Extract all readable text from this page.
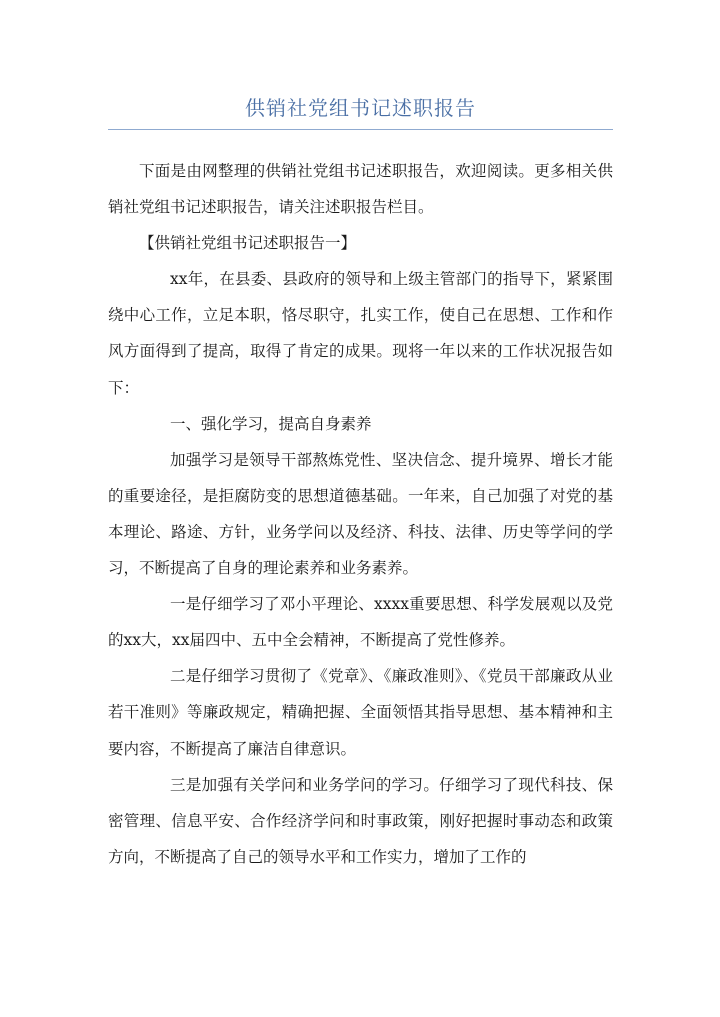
供销社党组书记述职报告

下面是由网整理的供销社党组书记述职报告，欢迎阅读。更多相关供销社党组书记述职报告，请关注述职报告栏目。

【供销社党组书记述职报告一】

xx年，在县委、县政府的领导和上级主管部门的指导下，紧紧围绕中心工作，立足本职，恪尽职守，扎实工作，使自己在思想、工作和作风方面得到了提高，取得了肯定的成果。现将一年以来的工作状况报告如下：

一、强化学习，提高自身素养

加强学习是领导干部熬炼党性、坚决信念、提升境界、增长才能的重要途径，是拒腐防变的思想道德基础。一年来，自己加强了对党的基本理论、路途、方针，业务学问以及经济、科技、法律、历史等学问的学习，不断提高了自身的理论素养和业务素养。

一是仔细学习了邓小平理论、xxxx重要思想、科学发展观以及党的xx大，xx届四中、五中全会精神，不断提高了党性修养。

二是仔细学习贯彻了《党章》、《廉政准则》、《党员干部廉政从业若干准则》等廉政规定，精确把握、全面领悟其指导思想、基本精神和主要内容，不断提高了廉洁自律意识。

三是加强有关学问和业务学问的学习。仔细学习了现代科技、保密管理、信息平安、合作经济学问和时事政策，刚好把握时事动态和政策方向，不断提高了自己的领导水平和工作实力，增加了工作的
